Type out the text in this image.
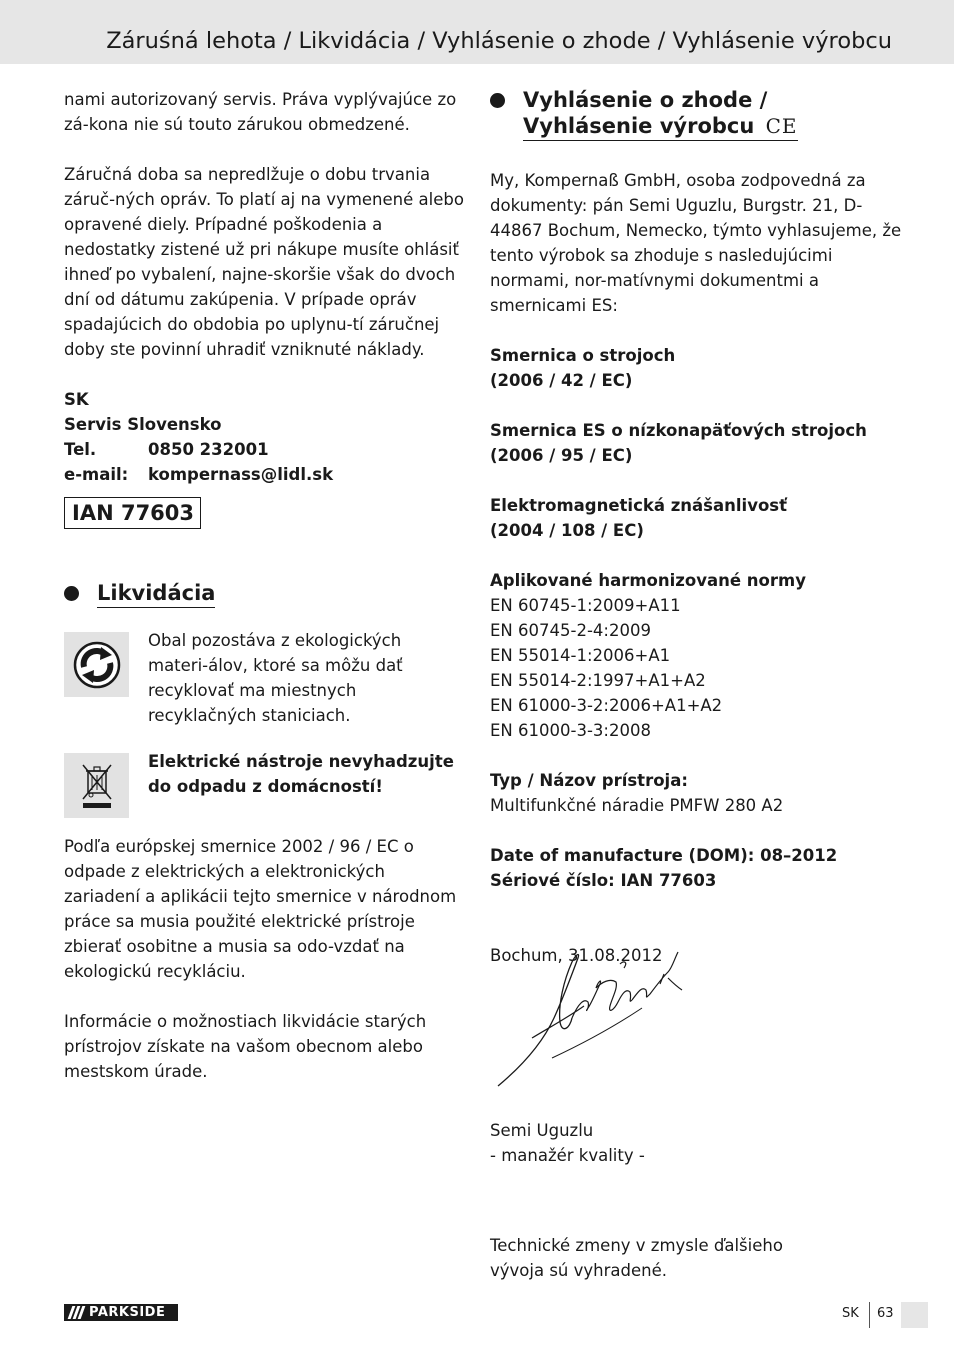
Záruśná lehota / Likvidácia / Vyhlásenie o zhode / Vyhlásenie výrobcu

nami autorizovaný servis. Práva vyplývajúce zo zá-kona nie sú touto zárukou obmedzené.

Záručná doba sa nepredlžuje o dobu trvania záruč-ných opráv. To platí aj na vymenené alebo opravené diely. Prípadné poškodenia a nedostatky zistené už pri nákupe musíte ohlásiť ihneď po vybalení, najne-skoršie však do dvoch dní od dátumu zakúpenia. V prípade opráv spadajúcich do obdobia po uplynu-tí záručnej doby ste povinní uhradiť vzniknuté náklady.

SK
Servis Slovensko
Tel.	0850 232001
e-mail:	kompernass@lidl.sk
IAN 77603
Likvidácia
Obal pozostáva z ekologických materi-álov, ktoré sa môžu dať recyklovať ma miestnych recyklačných staniciach.
Elektrické nástroje nevyhadzujte do odpadu z domácností!

Podľa európskej smernice 2002 / 96 / EC o odpade z elektrických a elektronických zariadení a aplikácii tejto smernice v národnom práce sa musia použité elektrické prístroje zbierať osobitne a musia sa odo-vzdať na ekologickú recykláciu.

Informácie o možnostiach likvidácie starých prístrojov získate na vašom obecnom alebo mestskom úrade.

Vyhlásenie o zhode /
Vyhlásenie výrobcu CE

My, Kompernaß GmbH, osoba zodpovedná za dokumenty: pán Semi Uguzlu, Burgstr. 21, D-44867 Bochum, Nemecko, týmto vyhlasujeme, že tento výrobok sa zhoduje s nasledujúcimi normami, nor-matívnymi dokumentmi a smernicami ES:

Smernica o strojoch
(2006 / 42 / EC)
Smernica ES o nízkonapäťových strojoch
(2006 / 95 / EC)
Elektromagnetická znášanlivosť
(2004 / 108 / EC)
Aplikované harmonizované normy
EN 60745-1:2009+A11
EN 60745-2-4:2009
EN 55014-1:2006+A1
EN 55014-2:1997+A1+A2
EN 61000-3-2:2006+A1+A2
EN 61000-3-3:2008
Typ / Názov prístroja:
Multifunkčné náradie PMFW 280 A2
Date of manufacture (DOM): 08–2012
Sériové číslo: IAN 77603
Bochum, 31.08.2012
Semi Uguzlu
- manažér kvality -
Technické zmeny v zmysle ďalšieho vývoja sú vyhradené.
PARKSIDE	SK 63
